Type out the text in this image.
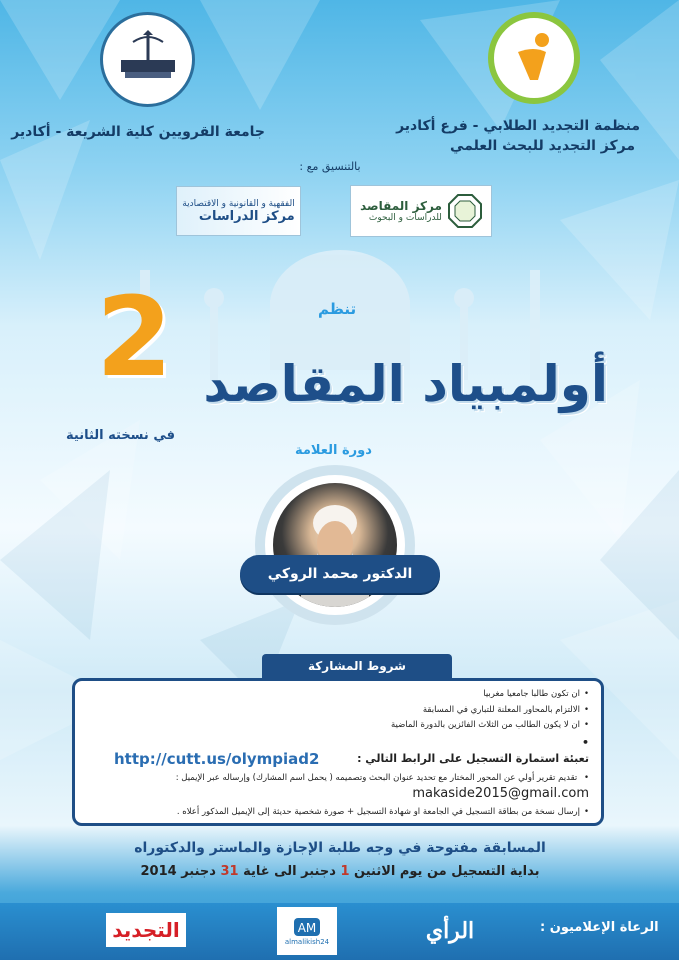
منظمة التجديد الطلابي - فرع أكادير
مركز التجديد للبحث العلمي
جامعة القرويين كلية الشريعة - أكادير
بالتنسيق مع :
مركز المقاصد
للدراسات و البحوث
الفقهية و القانونية و الاقتصادية
مركز الدراسات
تنظم
2 أولمبياد المقاصد
في نسخته الثانية
دورة العلامة
الدكتور محمد الروكي
شروط المشاركة
• ان تكون طالبا جامعيا مغربيا
• الالتزام بالمحاور المعلنة للتباري في المسابقة
• ان لا يكون الطالب من الثلاث الفائزين بالدورة الماضية
• تعبئة استمارة التسجيل على الرابط التالي :
http://cutt.us/olympiad2
• تقديم تقرير أولي عن المحور المختار مع تحديد عنوان البحث وتصميمه ( يحمل اسم المشارك) وإرساله عبر الإيميل :
makaside2015@gmail.com
• إرسال نسخة من بطاقة التسجيل في الجامعة او شهادة التسجيل + صورة شخصية حديثة إلى الإيميل المذكور أعلاه .
المسابقة مفتوحة في وجه طلبة الإجازة والماستر والدكتوراه
بداية التسجيل من يوم الاثنين 1 دجنبر الى غاية 31 دجنبر 2014
الرعاة الإعلاميون :
الرأي
AM
almalikish24
التجديد
